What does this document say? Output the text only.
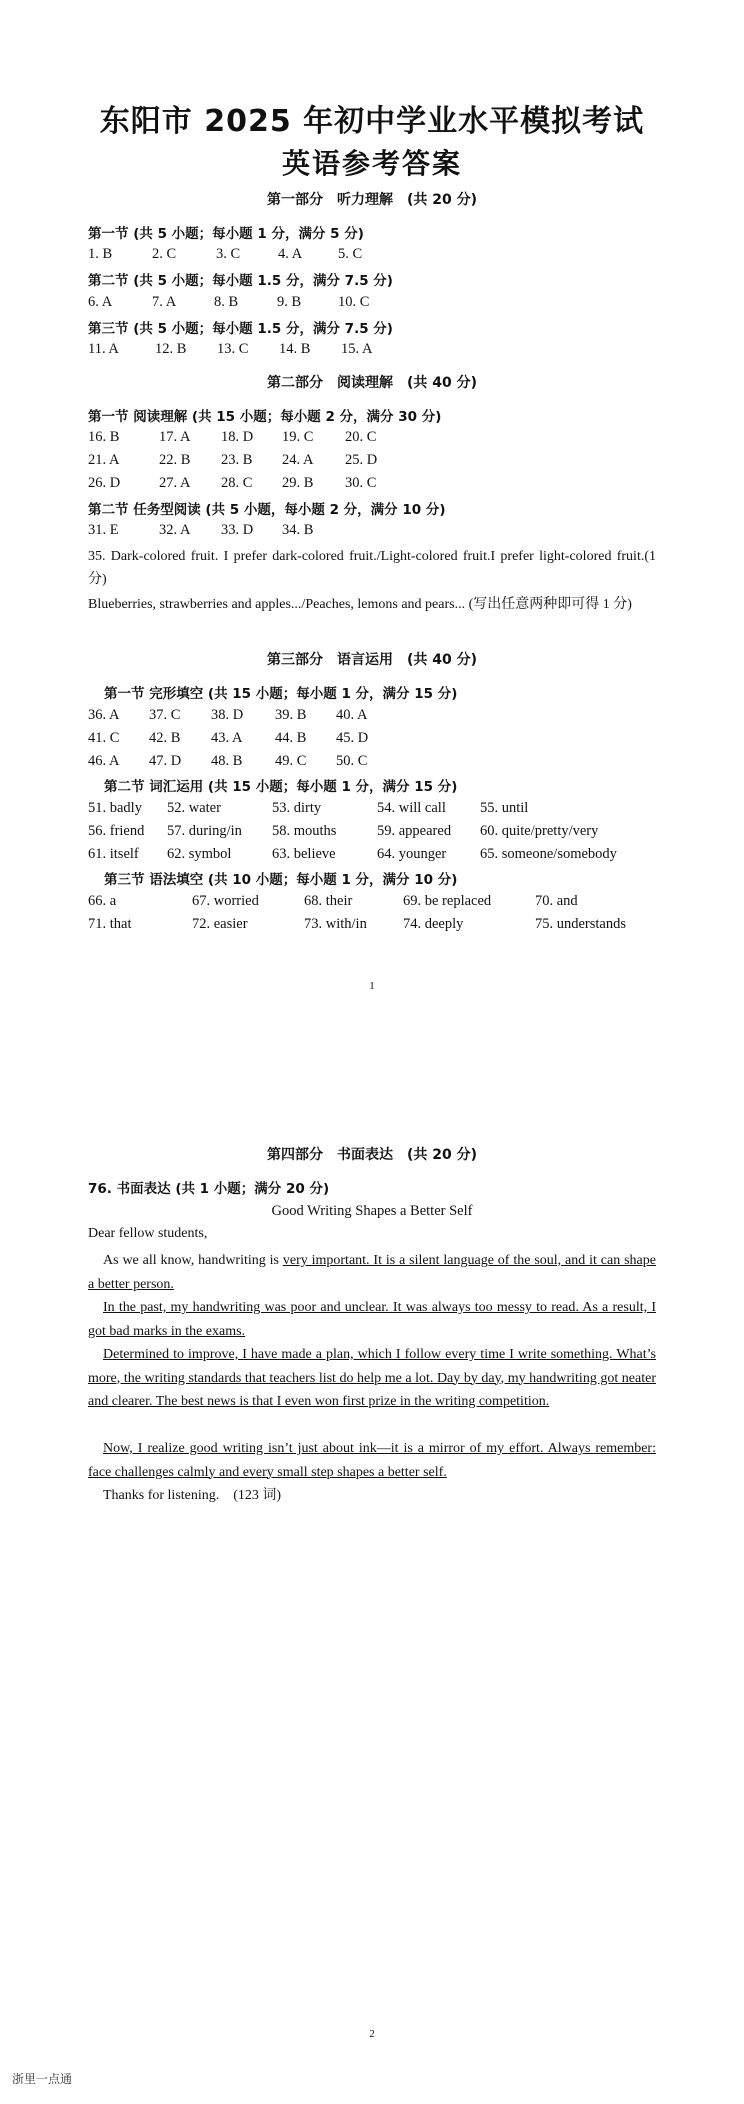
东阳市 2025 年初中学业水平模拟考试
英语参考答案
第一部分　听力理解　(共 20 分)
第一节 (共 5 小题；每小题 1 分，满分 5 分)
1. B	2. C	3. C	4. A 5. C
第二节 (共 5 小题；每小题 1.5 分，满分 7.5 分)
6. A	7. A	8. B	9. B	10. C
第三节 (共 5 小题；每小题 1.5 分，满分 7.5 分)
11. A 12. B 13. C 14. B 15. A
第二部分　阅读理解　(共 40 分)
第一节 阅读理解 (共 15 小题；每小题 2 分，满分 30 分)
16. B	17. A 18. D 19. C 20. C
21. A	22. B 23. B 24. A 25. D
26. D	27. A 28. C 29. B 30. C
第二节 任务型阅读 (共 5 小题，每小题 2 分，满分 10 分)
31. E	32. A 33. D 34. B
35. Dark-colored fruit. I prefer dark-colored fruit./Light-colored fruit.I prefer light-colored fruit.(1 分)
Blueberries, strawberries and apples.../Peaches, lemons and pears... (写出任意两种即可得 1 分)
第三部分　语言运用　(共 40 分)
第一节 完形填空 (共 15 小题；每小题 1 分，满分 15 分)
36. A 37. C 38. D 39. B 40. A
41. C 42. B 43. A 44. B 45. D
46. A 47. D 48. B 49. C 50. C
第二节 词汇运用 (共 15 小题；每小题 1 分，满分 15 分)
51. badly 52. water	53. dirty	54. will call 55. until
56. friend 57. during/in 58. mouths	59. appeared 60. quite/pretty/very
61. itself 62. symbol	63. believe	64. younger 65. someone/somebody
第三节 语法填空 (共 10 小题；每小题 1 分，满分 10 分)
66. a	67. worried	68. their	69. be replaced	70. and
71. that	72. easier	73. with/in 74. deeply	75. understands
1
第四部分　书面表达　(共 20 分)
76. 书面表达 (共 1 小题；满分 20 分)
Good Writing Shapes a Better Self
Dear fellow students,
As we all know, handwriting is very important. It is a silent language of the soul, and it can shape a better person.
In the past, my handwriting was poor and unclear. It was always too messy to read. As a result, I got bad marks in the exams.
Determined to improve, I have made a plan, which I follow every time I write something. What’s more, the writing standards that teachers list do help me a lot. Day by day, my handwriting got neater and clearer. The best news is that I even won first prize in the writing competition.
Now, I realize good writing isn’t just about ink—it is a mirror of my effort. Always remember: face challenges calmly and every small step shapes a better self.
Thanks for listening. (123 词)
2
浙里一点通
